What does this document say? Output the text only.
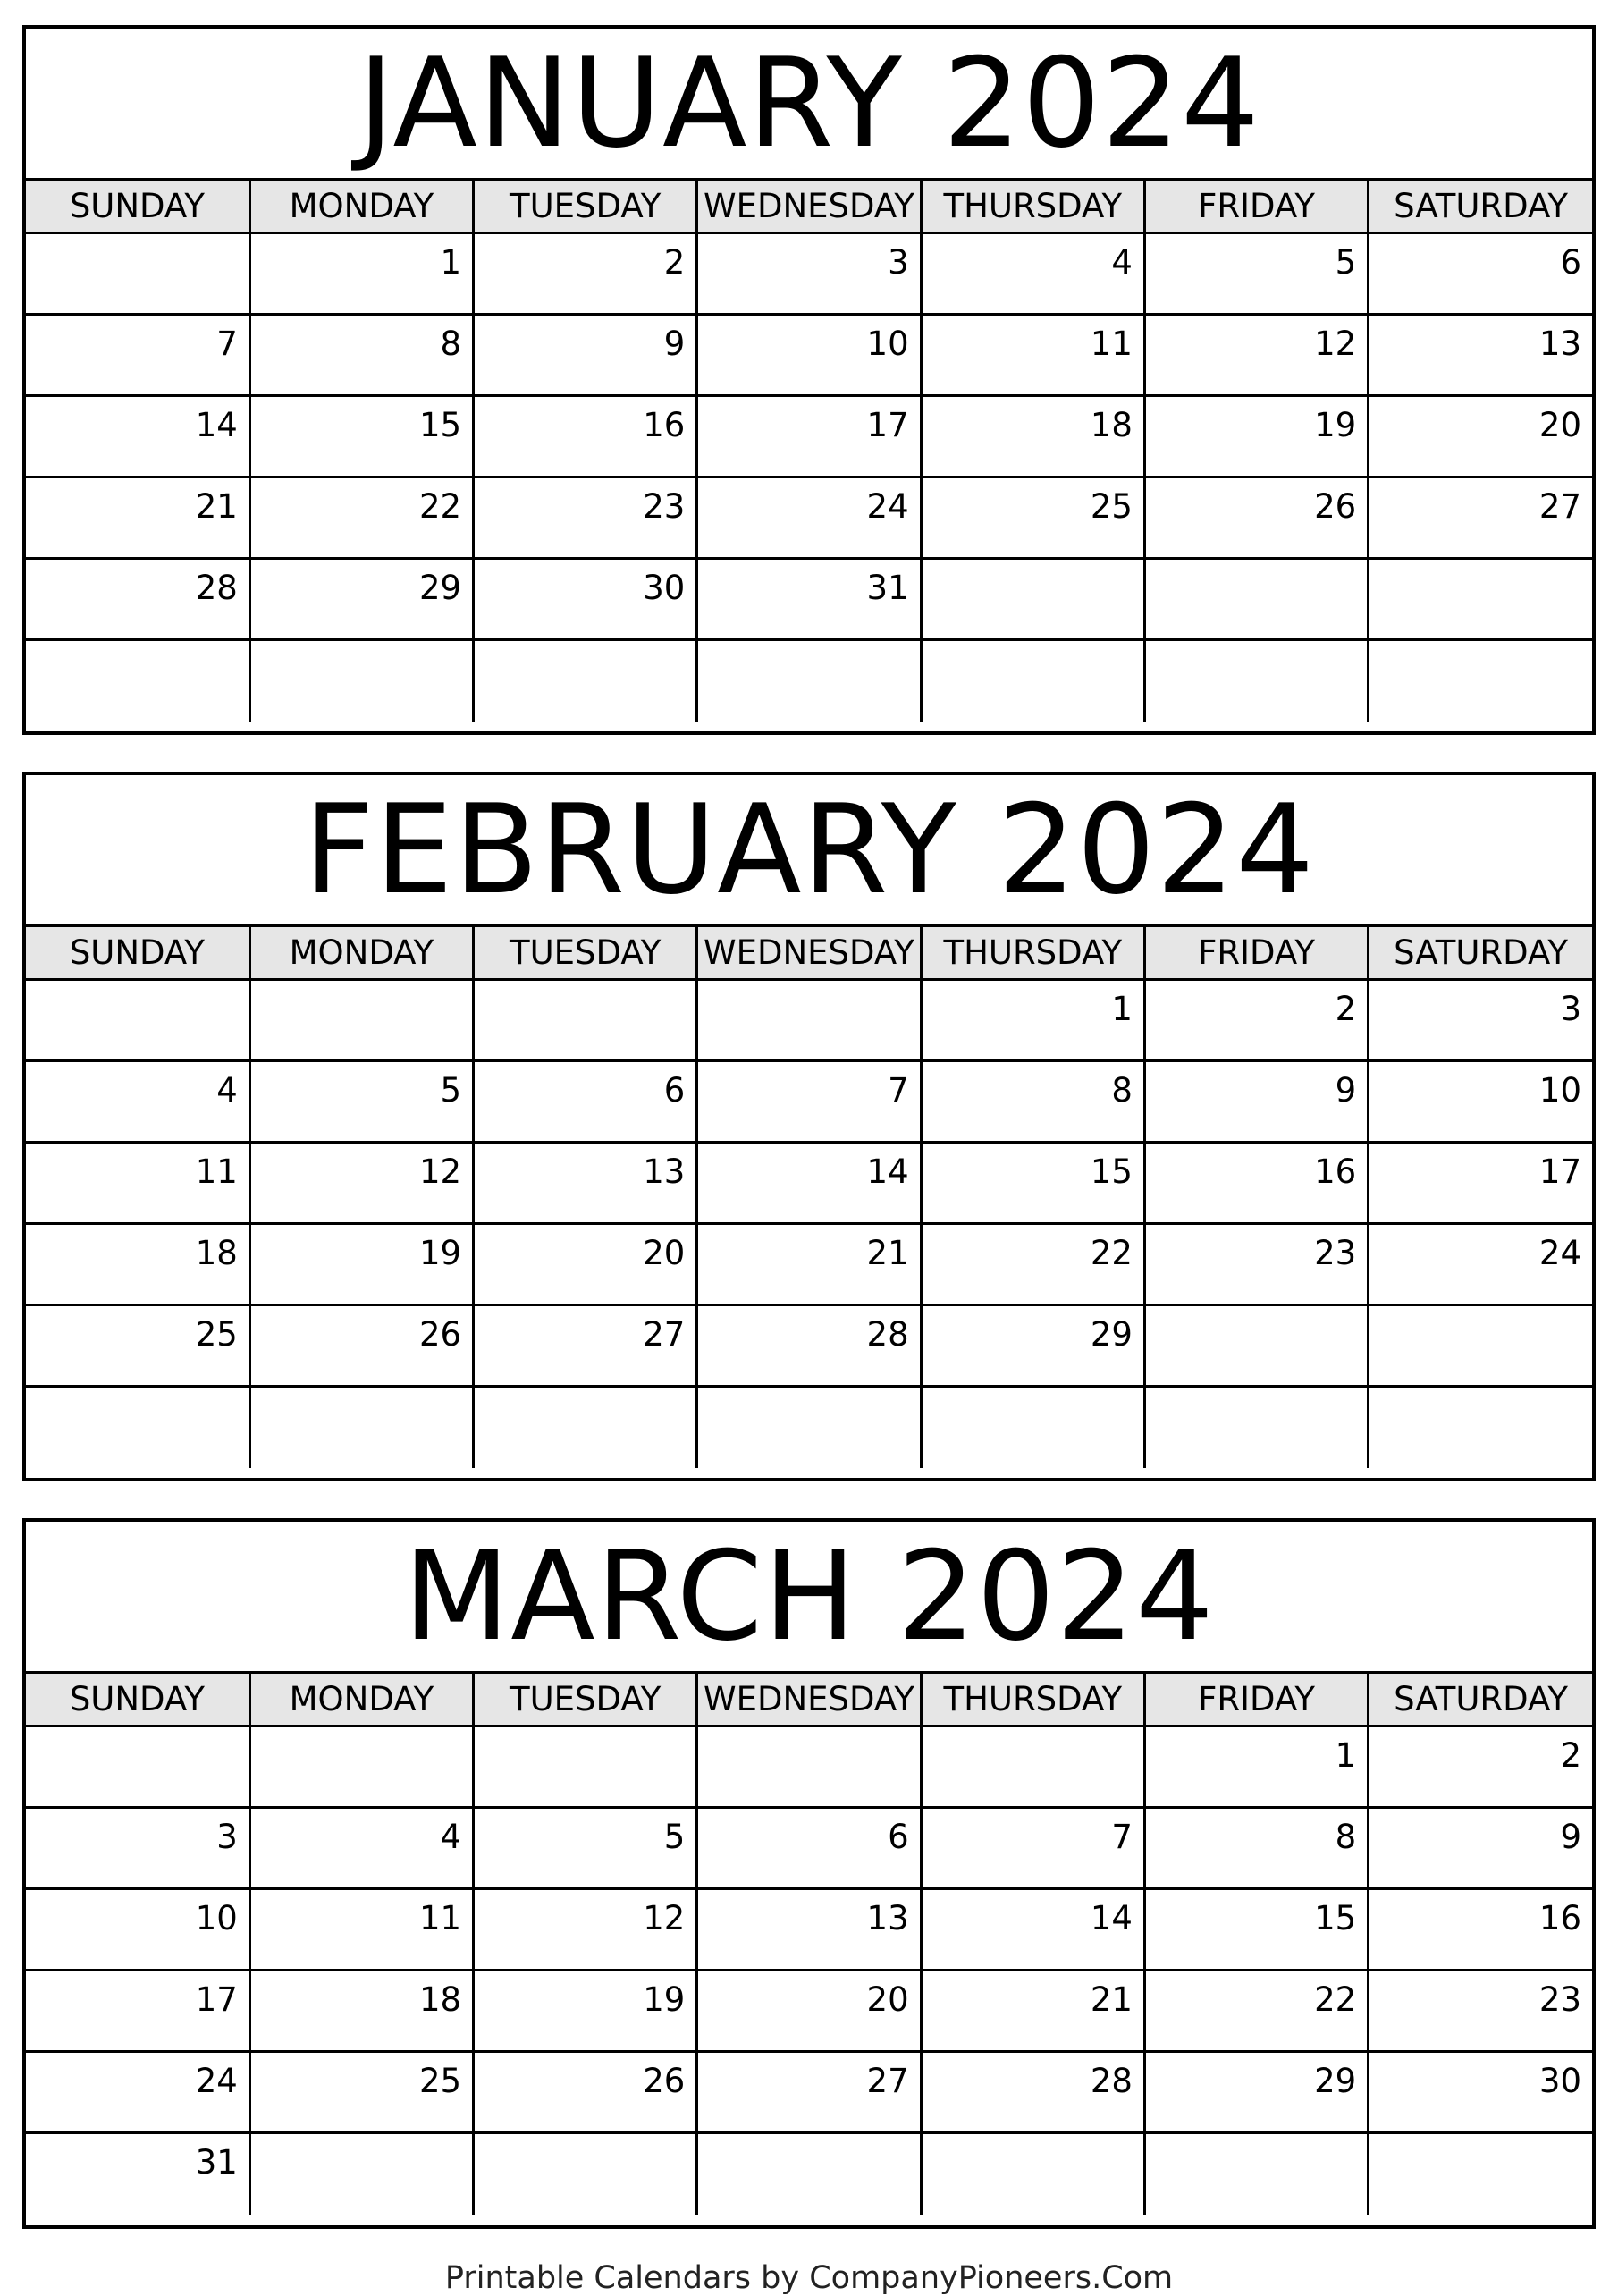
JANUARY 2024
SUNDAY	MONDAY	TUESDAY	WEDNESDAY	THURSDAY	FRIDAY	SATURDAY
	1	2	3	4	5	6
7	8	9	10	11	12	13
14	15	16	17	18	19	20
21	22	23	24	25	26	27
28	29	30	31			

FEBRUARY 2024
SUNDAY	MONDAY	TUESDAY	WEDNESDAY	THURSDAY	FRIDAY	SATURDAY
				1	2	3
4	5	6	7	8	9	10
11	12	13	14	15	16	17
18	19	20	21	22	23	24
25	26	27	28	29		

MARCH 2024
SUNDAY	MONDAY	TUESDAY	WEDNESDAY	THURSDAY	FRIDAY	SATURDAY
					1	2
3	4	5	6	7	8	9
10	11	12	13	14	15	16
17	18	19	20	21	22	23
24	25	26	27	28	29	30
31						
Printable Calendars by CompanyPioneers.Com
